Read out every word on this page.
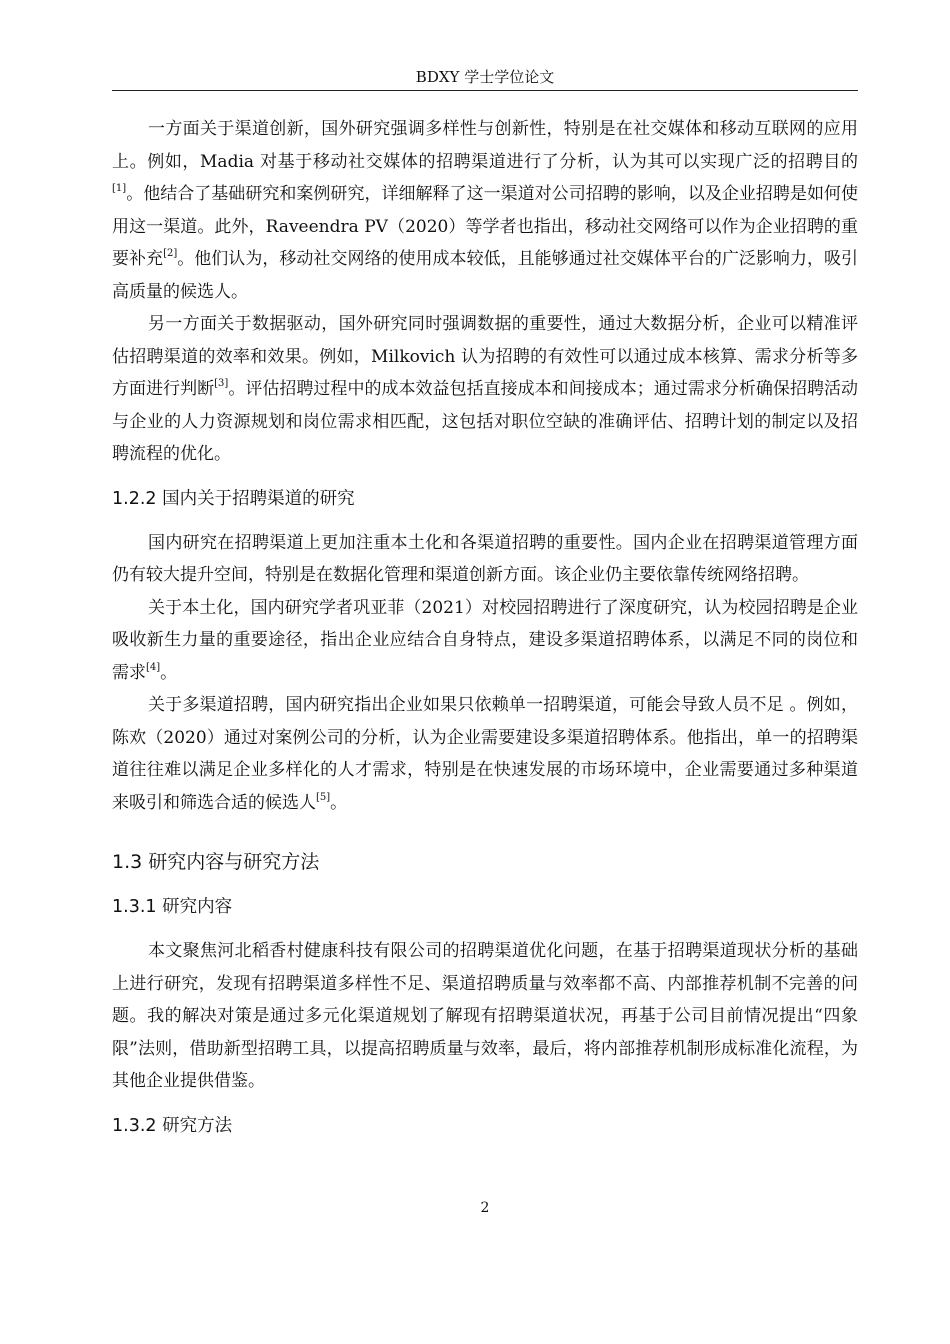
BDXY 学士学位论文

一方面关于渠道创新，国外研究强调多样性与创新性，特别是在社交媒体和移动互联网的应用上。例如，Madia 对基于移动社交媒体的招聘渠道进行了分析，认为其可以实现广泛的招聘目的[1]。他结合了基础研究和案例研究，详细解释了这一渠道对公司招聘的影响，以及企业招聘是如何使用这一渠道。此外，Raveendra PV（2020）等学者也指出，移动社交网络可以作为企业招聘的重要补充[2]。他们认为，移动社交网络的使用成本较低，且能够通过社交媒体平台的广泛影响力，吸引高质量的候选人。

另一方面关于数据驱动，国外研究同时强调数据的重要性，通过大数据分析，企业可以精准评估招聘渠道的效率和效果。例如，Milkovich 认为招聘的有效性可以通过成本核算、需求分析等多方面进行判断[3]。评估招聘过程中的成本效益包括直接成本和间接成本；通过需求分析确保招聘活动与企业的人力资源规划和岗位需求相匹配，这包括对职位空缺的准确评估、招聘计划的制定以及招聘流程的优化。

1.2.2 国内关于招聘渠道的研究

国内研究在招聘渠道上更加注重本土化和各渠道招聘的重要性。国内企业在招聘渠道管理方面仍有较大提升空间，特别是在数据化管理和渠道创新方面。该企业仍主要依靠传统网络招聘。

关于本土化，国内研究学者巩亚菲（2021）对校园招聘进行了深度研究，认为校园招聘是企业吸收新生力量的重要途径，指出企业应结合自身特点，建设多渠道招聘体系，以满足不同的岗位和需求[4]。

关于多渠道招聘，国内研究指出企业如果只依赖单一招聘渠道，可能会导致人员不足 。例如，陈欢（2020）通过对案例公司的分析，认为企业需要建设多渠道招聘体系。他指出，单一的招聘渠道往往难以满足企业多样化的人才需求，特别是在快速发展的市场环境中，企业需要通过多种渠道来吸引和筛选合适的候选人[5]。

1.3 研究内容与研究方法
1.3.1 研究内容

本文聚焦河北稻香村健康科技有限公司的招聘渠道优化问题，在基于招聘渠道现状分析的基础上进行研究，发现有招聘渠道多样性不足、渠道招聘质量与效率都不高、内部推荐机制不完善的问题。我的解决对策是通过多元化渠道规划了解现有招聘渠道状况，再基于公司目前情况提出“四象限”法则，借助新型招聘工具，以提高招聘质量与效率，最后，将内部推荐机制形成标准化流程，为其他企业提供借鉴。

1.3.2 研究方法
2
